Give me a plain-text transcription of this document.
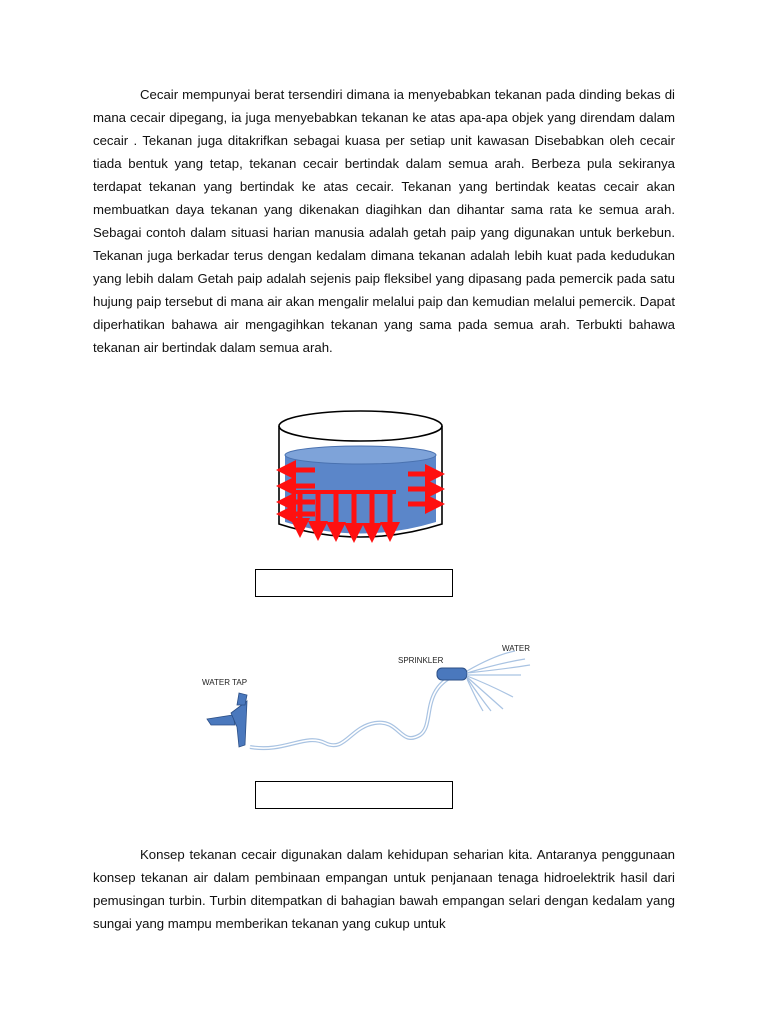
Cecair mempunyai berat tersendiri dimana ia menyebabkan tekanan pada dinding bekas di mana cecair dipegang, ia juga menyebabkan tekanan ke atas apa-apa objek yang direndam dalam cecair . Tekanan juga ditakrifkan sebagai kuasa per setiap unit kawasan Disebabkan oleh cecair tiada bentuk yang tetap, tekanan cecair bertindak dalam semua arah. Berbeza pula sekiranya terdapat tekanan yang bertindak ke atas cecair. Tekanan yang bertindak keatas cecair akan membuatkan daya tekanan yang dikenakan diagihkan dan dihantar sama rata ke semua arah. Sebagai contoh dalam situasi harian manusia adalah getah paip yang digunakan untuk berkebun. Tekanan juga berkadar terus dengan kedalam dimana tekanan adalah lebih kuat pada kedudukan yang lebih dalam Getah paip adalah sejenis paip fleksibel yang dipasang pada pemercik pada satu hujung paip tersebut di mana air akan mengalir melalui paip dan kemudian melalui pemercik. Dapat diperhatikan bahawa air mengagihkan tekanan yang sama pada semua arah. Terbukti bahawa tekanan air bertindak dalam semua arah.

WATER TAP
SPRINKLER
WATER

Konsep tekanan cecair digunakan dalam kehidupan seharian kita. Antaranya penggunaan konsep tekanan air dalam pembinaan empangan untuk penjanaan tenaga hidroelektrik hasil dari pemusingan turbin. Turbin ditempatkan di bahagian bawah empangan selari dengan kedalam yang sungai yang mampu memberikan tekanan yang cukup untuk
